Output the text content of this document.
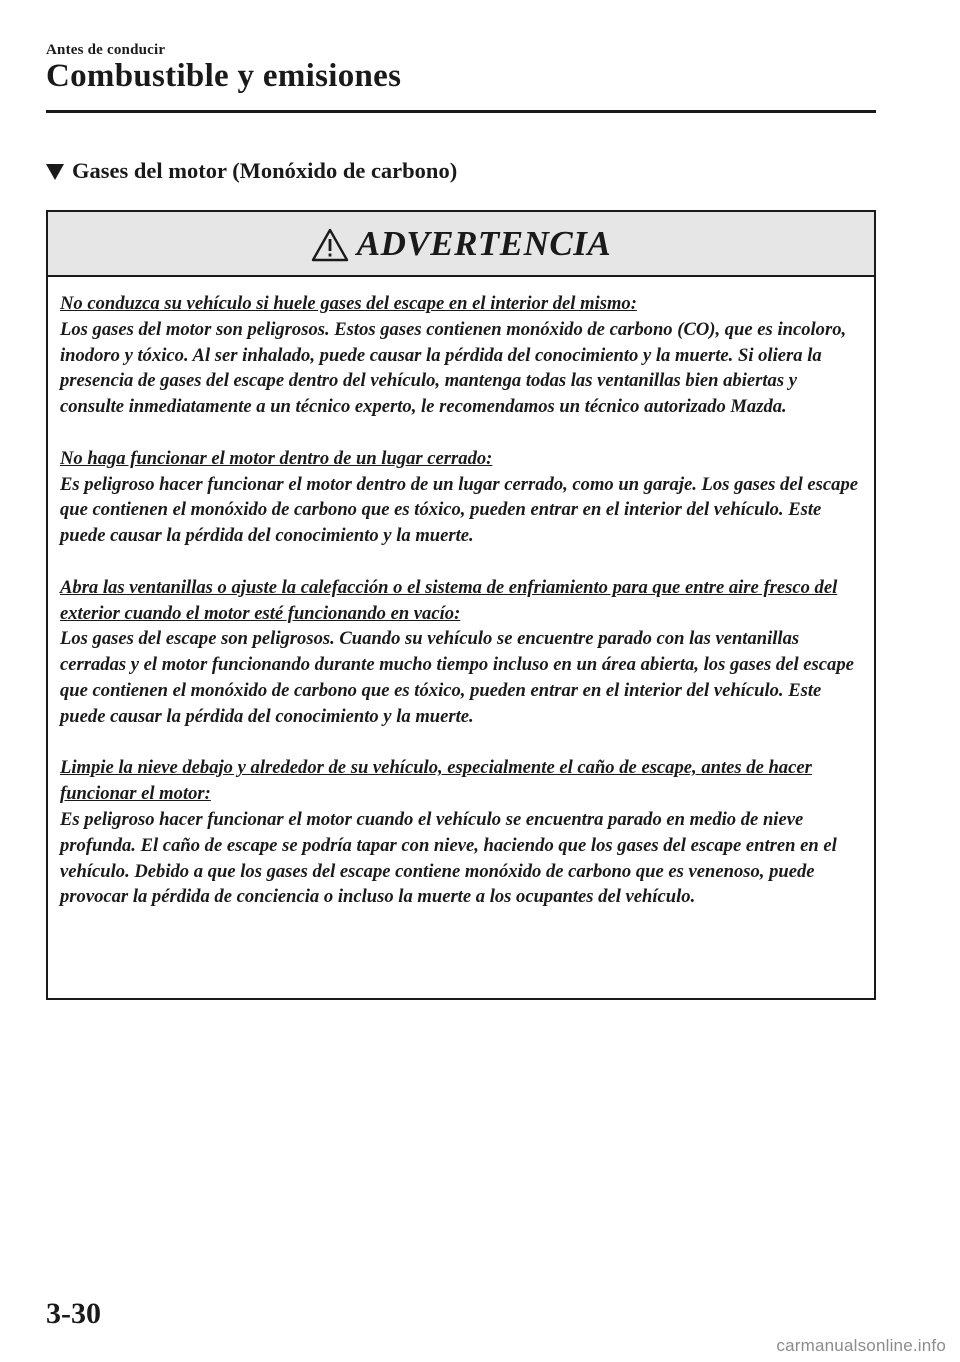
Antes de conducir
Combustible y emisiones
Gases del motor (Monóxido de carbono)
ADVERTENCIA
No conduzca su vehículo si huele gases del escape en el interior del mismo:
Los gases del motor son peligrosos. Estos gases contienen monóxido de carbono (CO), que es incoloro, inodoro y tóxico. Al ser inhalado, puede causar la pérdida del conocimiento y la muerte. Si oliera la presencia de gases del escape dentro del vehículo, mantenga todas las ventanillas bien abiertas y consulte inmediatamente a un técnico experto, le recomendamos un técnico autorizado Mazda.
No haga funcionar el motor dentro de un lugar cerrado:
Es peligroso hacer funcionar el motor dentro de un lugar cerrado, como un garaje. Los gases del escape que contienen el monóxido de carbono que es tóxico, pueden entrar en el interior del vehículo. Este puede causar la pérdida del conocimiento y la muerte.
Abra las ventanillas o ajuste la calefacción o el sistema de enfriamiento para que entre aire fresco del exterior cuando el motor esté funcionando en vacío:
Los gases del escape son peligrosos. Cuando su vehículo se encuentre parado con las ventanillas cerradas y el motor funcionando durante mucho tiempo incluso en un área abierta, los gases del escape que contienen el monóxido de carbono que es tóxico, pueden entrar en el interior del vehículo. Este puede causar la pérdida del conocimiento y la muerte.
Limpie la nieve debajo y alrededor de su vehículo, especialmente el caño de escape, antes de hacer funcionar el motor:
Es peligroso hacer funcionar el motor cuando el vehículo se encuentra parado en medio de nieve profunda. El caño de escape se podría tapar con nieve, haciendo que los gases del escape entren en el vehículo. Debido a que los gases del escape contiene monóxido de carbono que es venenoso, puede provocar la pérdida de conciencia o incluso la muerte a los ocupantes del vehículo.
3-30
carmanualsonline.info
